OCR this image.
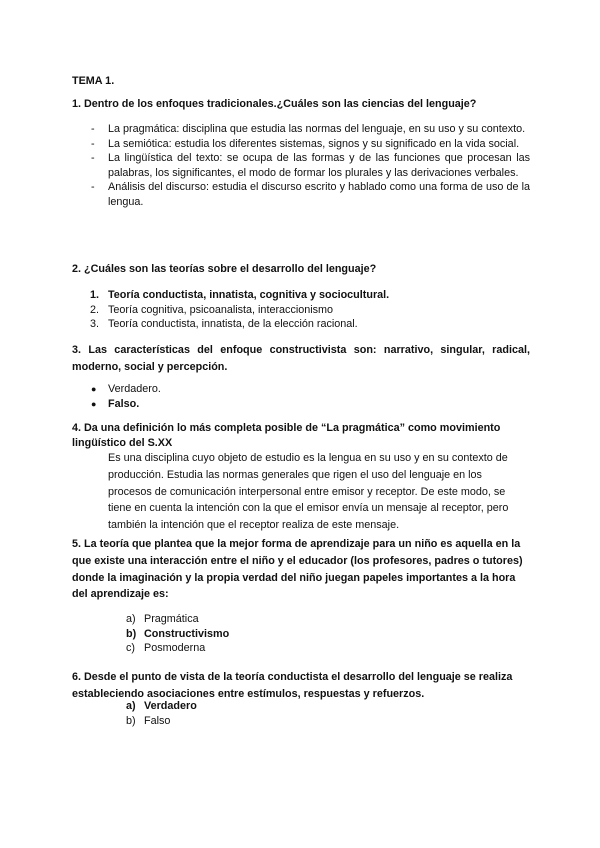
TEMA 1.

1. Dentro de los enfoques tradicionales.¿Cuáles son las ciencias del lenguaje?

- La pragmática: disciplina que estudia las normas del lenguaje, en su uso y su contexto.
- La semiótica: estudia los diferentes sistemas, signos y su significado en la vida social.
- La lingüística del texto: se ocupa de las formas y de las funciones que procesan las palabras, los significantes, el modo de formar los plurales y las derivaciones verbales.
- Análisis del discurso: estudia el discurso escrito y hablado como una forma de uso de la lengua.

2. ¿Cuáles son las teorías sobre el desarrollo del lenguaje?

1. Teoría conductista, innatista, cognitiva y sociocultural.
2. Teoría cognitiva, psicoanalista, interaccionismo
3. Teoría conductista, innatista, de la elección racional.

3. Las características del enfoque constructivista son: narrativo, singular, radical, moderno, social y percepción.

● Verdadero.
● Falso.

4. Da una definición lo más completa posible de “La pragmática” como movimiento lingüístico del S.XX

Es una disciplina cuyo objeto de estudio es la lengua en su uso y en su contexto de producción. Estudia las normas generales que rigen el uso del lenguaje en los procesos de comunicación interpersonal entre emisor y receptor. De este modo, se tiene en cuenta la intención con la que el emisor envía un mensaje al receptor, pero también la intención que el receptor realiza de este mensaje.

5. La teoría que plantea que la mejor forma de aprendizaje para un niño es aquella en la que existe una interacción entre el niño y el educador (los profesores, padres o tutores) donde la imaginación y la propia verdad del niño juegan papeles importantes a la hora del aprendizaje es:

a) Pragmática
b) Constructivismo
c) Posmoderna

6. Desde el punto de vista de la teoría conductista el desarrollo del lenguaje se realiza estableciendo asociaciones entre estímulos, respuestas y refuerzos.

a) Verdadero
b) Falso
